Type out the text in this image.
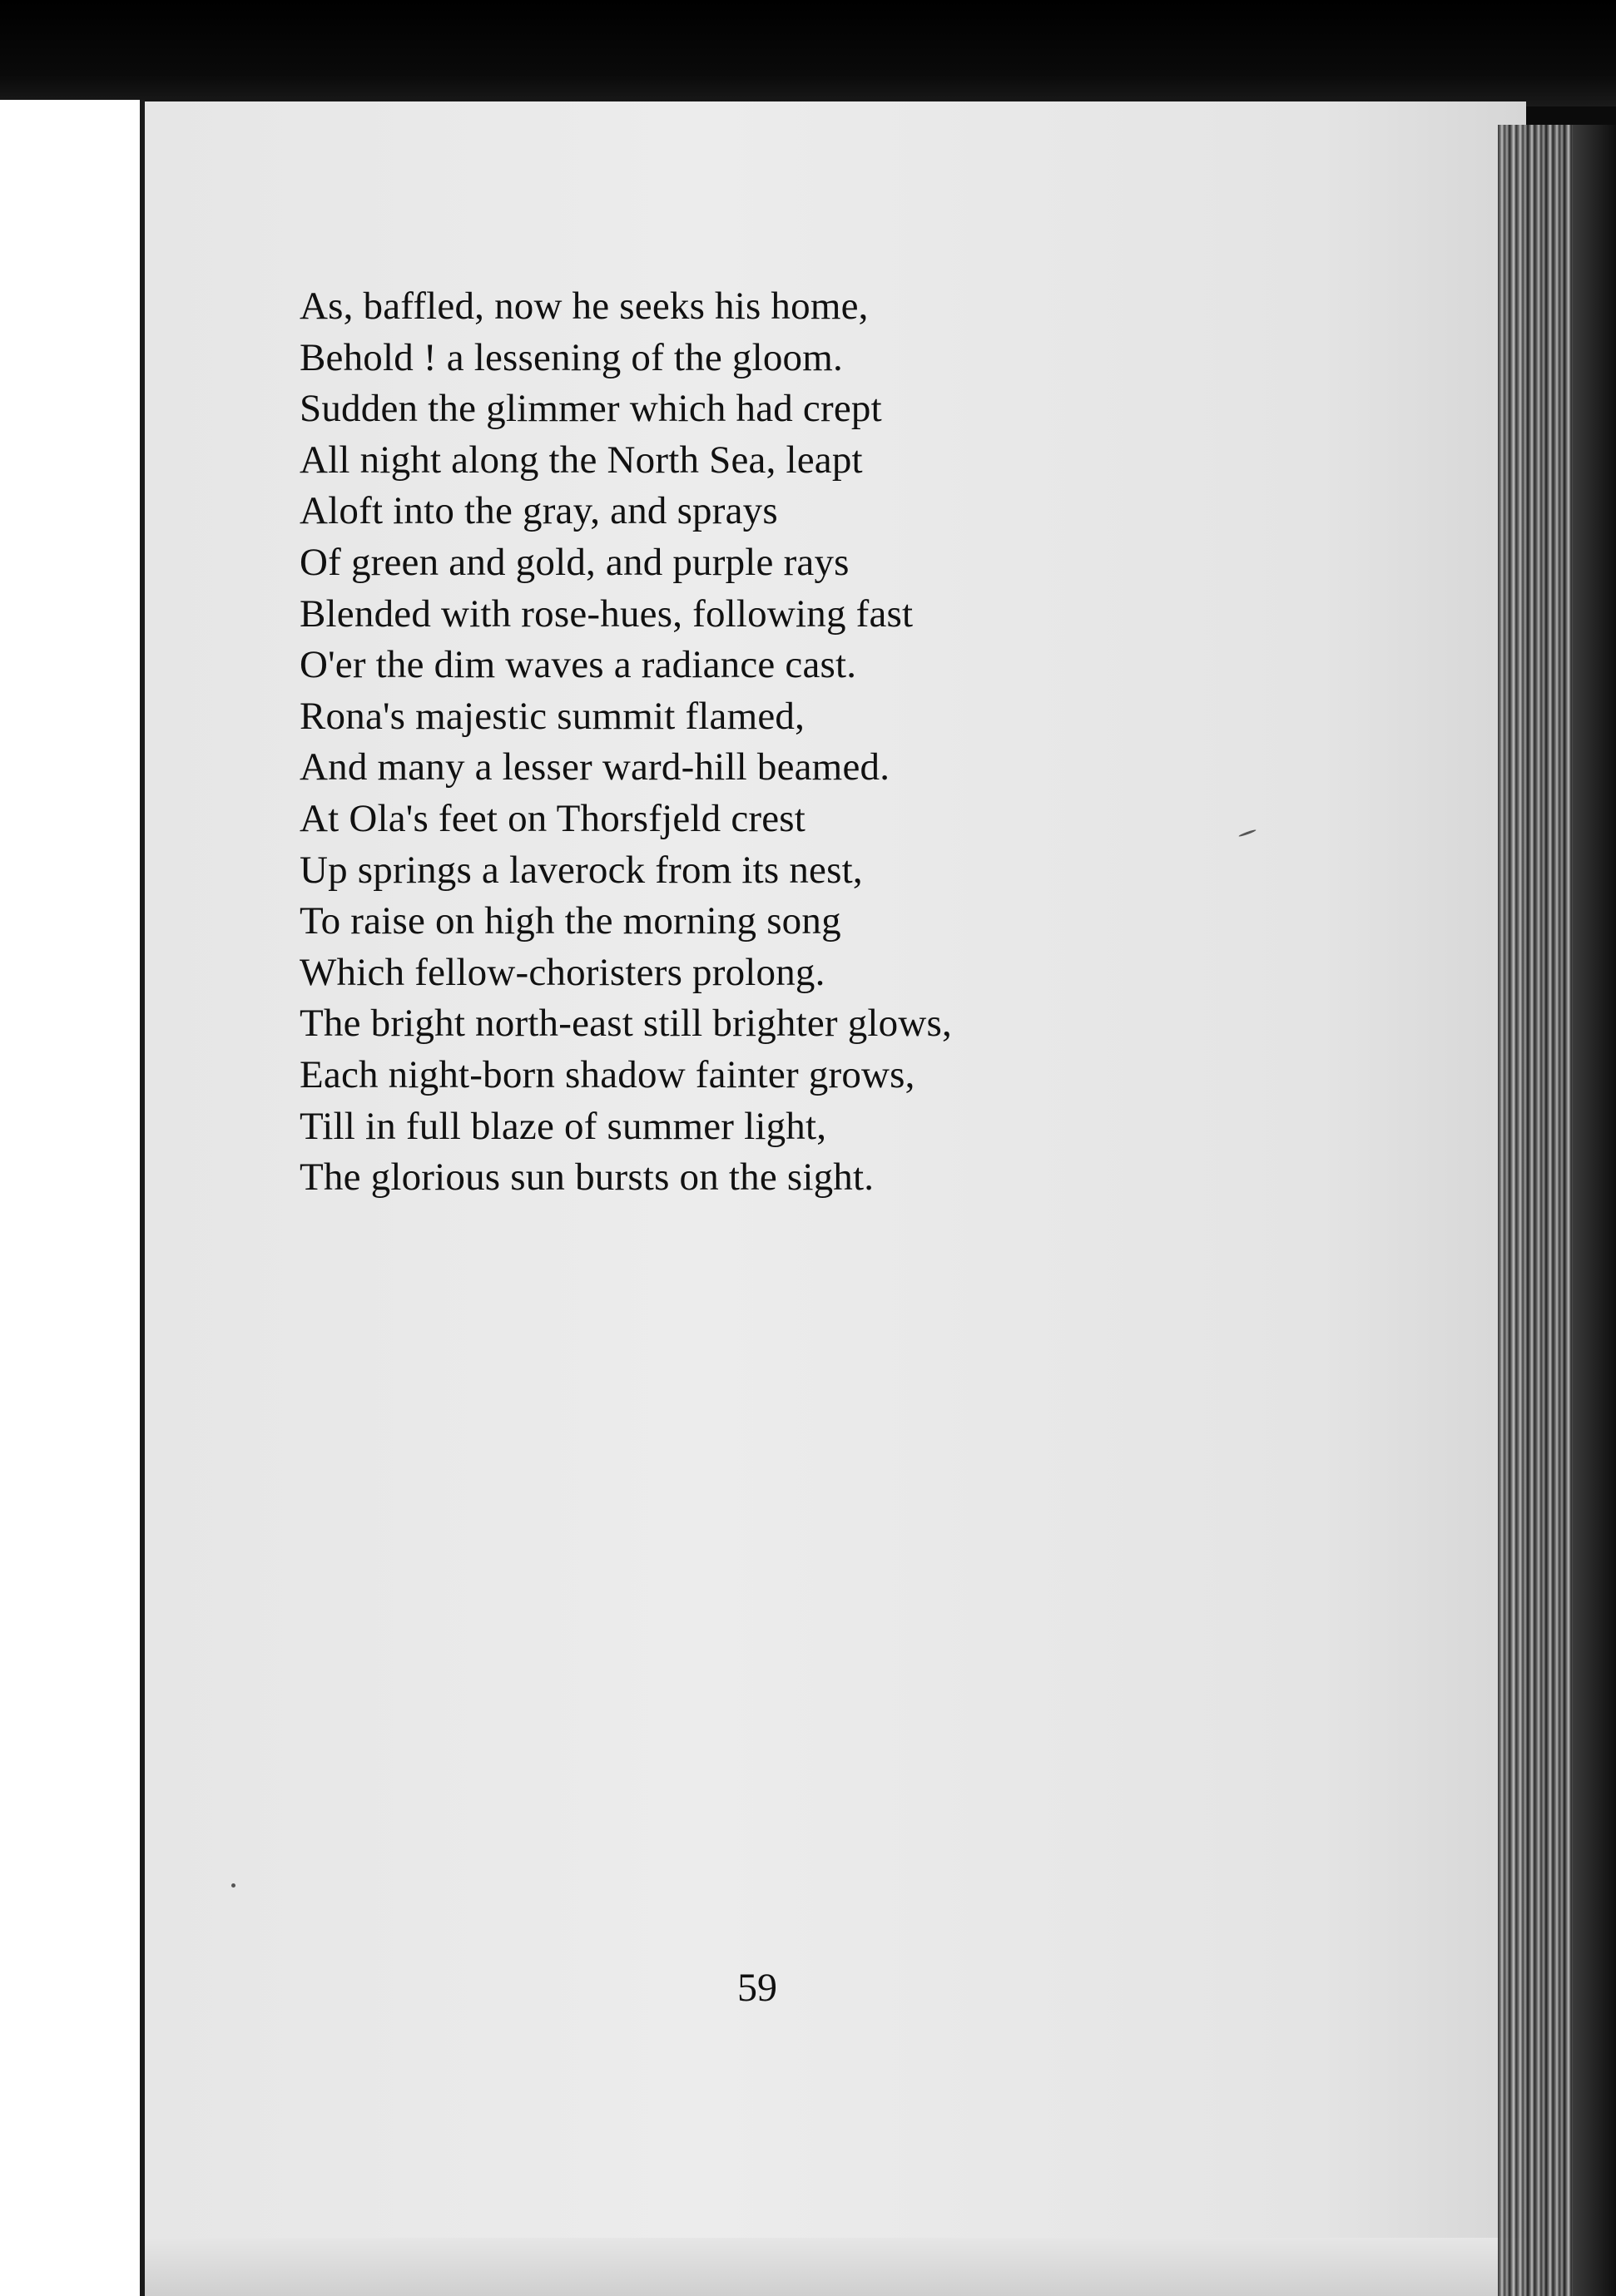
As, baffled, now he seeks his home,
Behold ! a lessening of the gloom.
Sudden the glimmer which had crept
All night along the North Sea, leapt
Aloft into the gray, and sprays
Of green and gold, and purple rays
Blended with rose-hues, following fast
O'er the dim waves a radiance cast.
Rona's majestic summit flamed,
And many a lesser ward-hill beamed.
At Ola's feet on Thorsfjeld crest
Up springs a laverock from its nest,
To raise on high the morning song
Which fellow-choristers prolong.
The bright north-east still brighter glows,
Each night-born shadow fainter grows,
Till in full blaze of summer light,
The glorious sun bursts on the sight.
59
